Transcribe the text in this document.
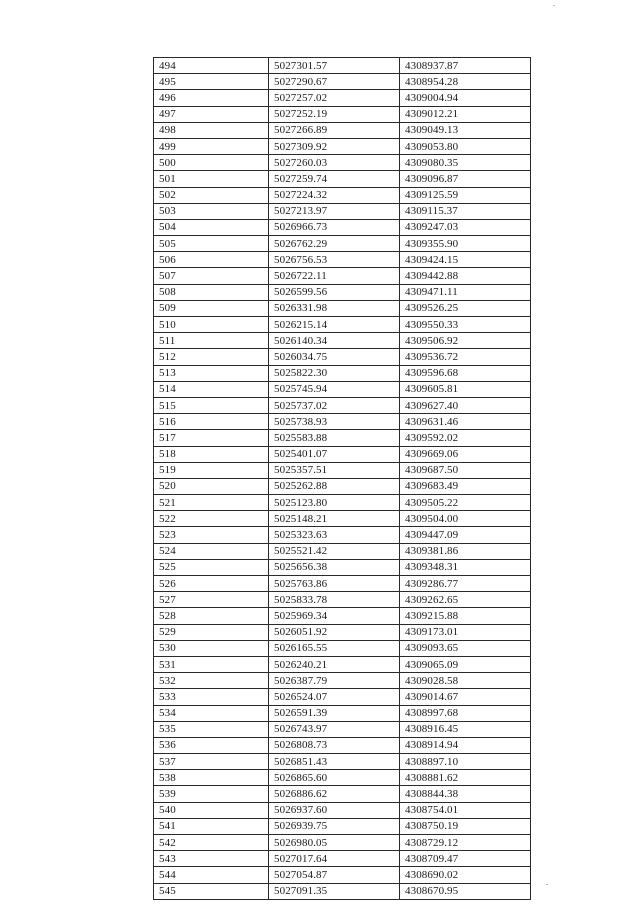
494	5027301.57	4308937.87
495	5027290.67	4308954.28
496	5027257.02	4309004.94
497	5027252.19	4309012.21
498	5027266.89	4309049.13
499	5027309.92	4309053.80
500	5027260.03	4309080.35
501	5027259.74	4309096.87
502	5027224.32	4309125.59
503	5027213.97	4309115.37
504	5026966.73	4309247.03
505	5026762.29	4309355.90
506	5026756.53	4309424.15
507	5026722.11	4309442.88
508	5026599.56	4309471.11
509	5026331.98	4309526.25
510	5026215.14	4309550.33
511	5026140.34	4309506.92
512	5026034.75	4309536.72
513	5025822.30	4309596.68
514	5025745.94	4309605.81
515	5025737.02	4309627.40
516	5025738.93	4309631.46
517	5025583.88	4309592.02
518	5025401.07	4309669.06
519	5025357.51	4309687.50
520	5025262.88	4309683.49
521	5025123.80	4309505.22
522	5025148.21	4309504.00
523	5025323.63	4309447.09
524	5025521.42	4309381.86
525	5025656.38	4309348.31
526	5025763.86	4309286.77
527	5025833.78	4309262.65
528	5025969.34	4309215.88
529	5026051.92	4309173.01
530	5026165.55	4309093.65
531	5026240.21	4309065.09
532	5026387.79	4309028.58
533	5026524.07	4309014.67
534	5026591.39	4308997.68
535	5026743.97	4308916.45
536	5026808.73	4308914.94
537	5026851.43	4308897.10
538	5026865.60	4308881.62
539	5026886.62	4308844.38
540	5026937.60	4308754.01
541	5026939.75	4308750.19
542	5026980.05	4308729.12
543	5027017.64	4308709.47
544	5027054.87	4308690.02
545	5027091.35	4308670.95
